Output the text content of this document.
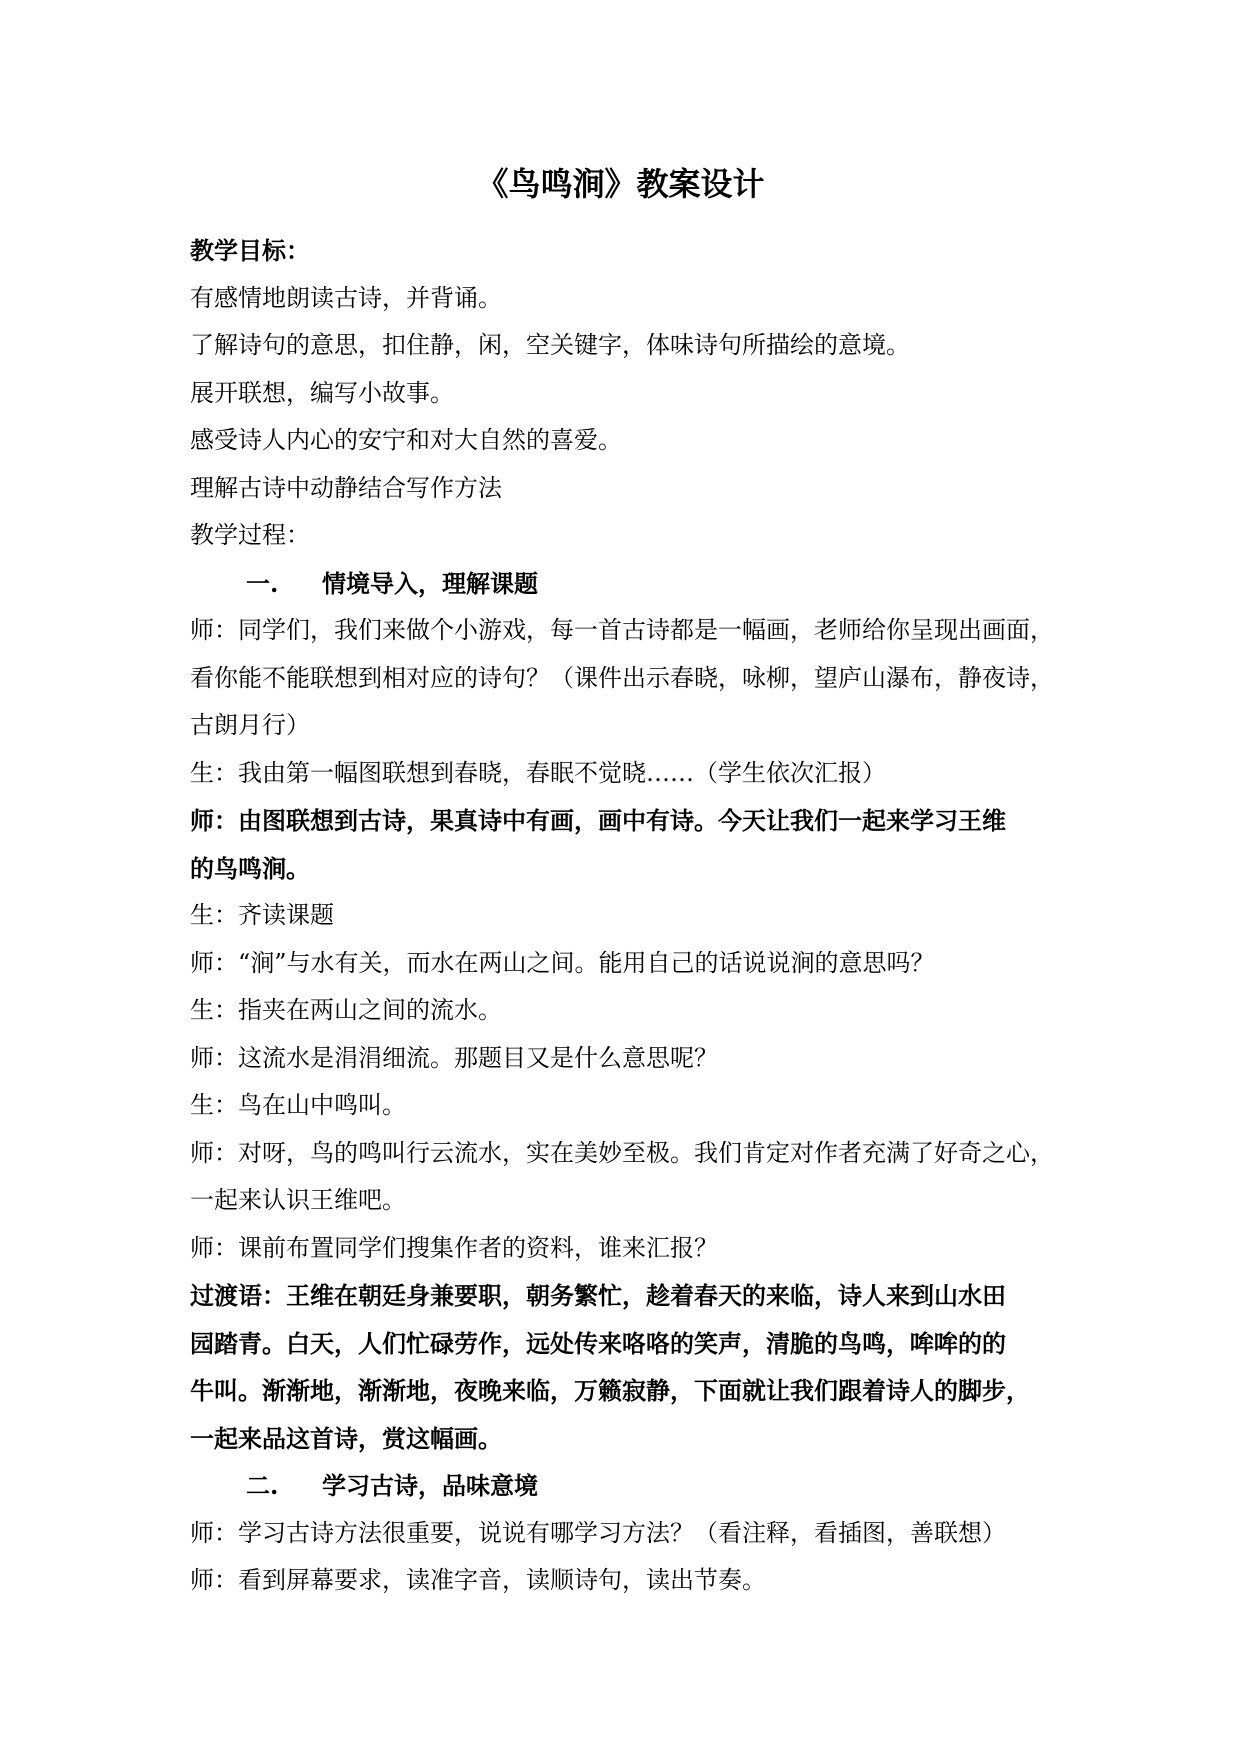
《鸟鸣涧》教案设计

教学目标：

有感情地朗读古诗，并背诵。

了解诗句的意思，扣住静，闲，空关键字，体味诗句所描绘的意境。

展开联想，编写小故事。

感受诗人内心的安宁和对大自然的喜爱。

理解古诗中动静结合写作方法

教学过程：

一. 情境导入，理解课题

师：同学们，我们来做个小游戏，每一首古诗都是一幅画，老师给你呈现出画面，

看你能不能联想到相对应的诗句？（课件出示春晓，咏柳，望庐山瀑布，静夜诗，

古朗月行）

生：我由第一幅图联想到春晓，春眠不觉晓……（学生依次汇报）

师：由图联想到古诗，果真诗中有画，画中有诗。今天让我们一起来学习王维

的鸟鸣涧。

生：齐读课题

师：“涧”与水有关，而水在两山之间。能用自己的话说说涧的意思吗？

生：指夹在两山之间的流水。

师：这流水是涓涓细流。那题目又是什么意思呢？

生：鸟在山中鸣叫。

师：对呀，鸟的鸣叫行云流水，实在美妙至极。我们肯定对作者充满了好奇之心，

一起来认识王维吧。

师：课前布置同学们搜集作者的资料，谁来汇报？

过渡语：王维在朝廷身兼要职，朝务繁忙，趁着春天的来临，诗人来到山水田

园踏青。白天，人们忙碌劳作，远处传来咯咯的笑声，清脆的鸟鸣，哞哞的的

牛叫。渐渐地，渐渐地，夜晚来临，万籁寂静，下面就让我们跟着诗人的脚步，

一起来品这首诗，赏这幅画。

二. 学习古诗，品味意境

师：学习古诗方法很重要，说说有哪学习方法？（看注释，看插图，善联想）

师：看到屏幕要求，读准字音，读顺诗句，读出节奏。
